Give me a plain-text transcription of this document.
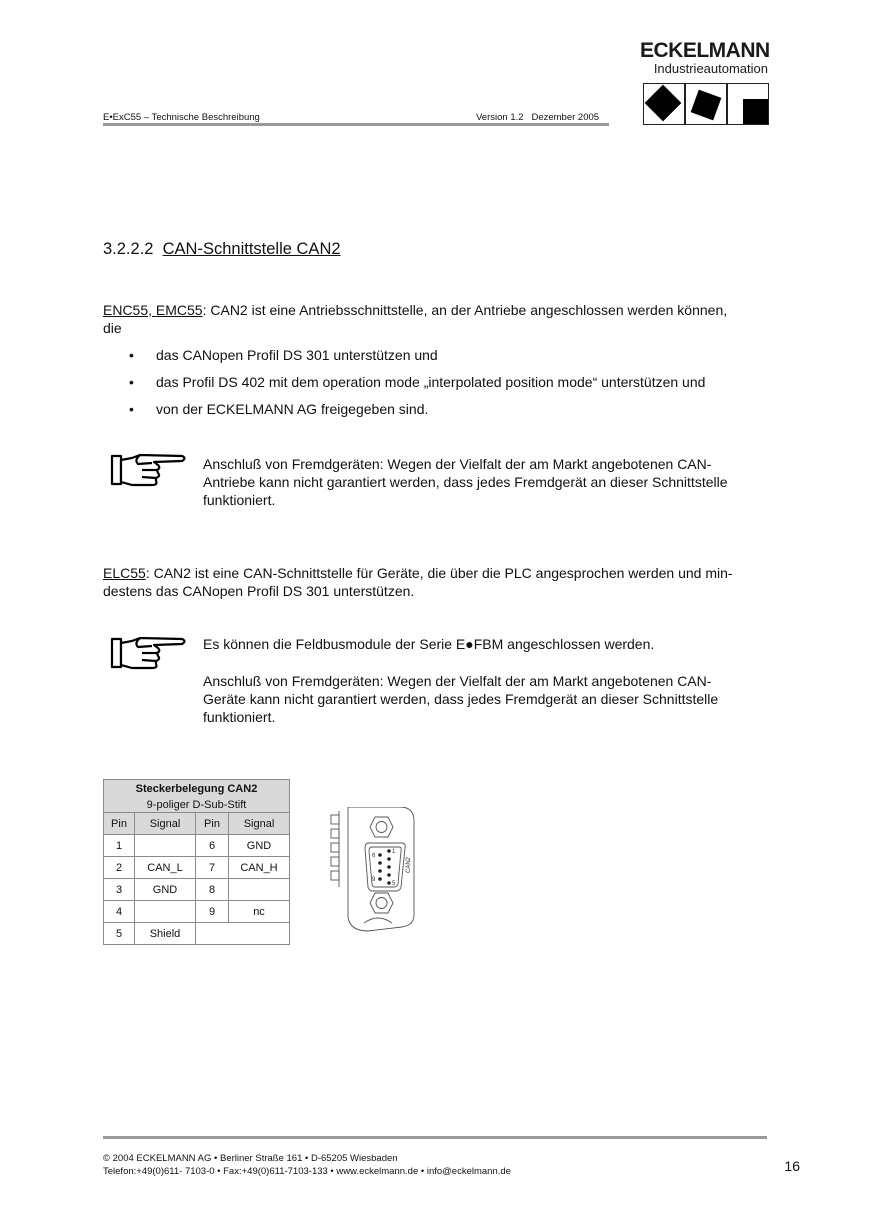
E•ExC55 – Technische Beschreibung	Version 1.2 Dezember 2005
ECKELMANN
Industrieautomation
3.2.2.2 CAN-Schnittstelle CAN2
ENC55, EMC55: CAN2 ist eine Antriebsschnittstelle, an der Antriebe angeschlossen werden können,
die
• das CANopen Profil DS 301 unterstützen und
• das Profil DS 402 mit dem operation mode „interpolated position mode“ unterstützen und
• von der ECKELMANN AG freigegeben sind.
Anschluß von Fremdgeräten: Wegen der Vielfalt der am Markt angebotenen CAN-
Antriebe kann nicht garantiert werden, dass jedes Fremdgerät an dieser Schnittstelle
funktioniert.
ELC55: CAN2 ist eine CAN-Schnittstelle für Geräte, die über die PLC angesprochen werden und min-
destens das CANopen Profil DS 301 unterstützen.
Es können die Feldbusmodule der Serie E●FBM angeschlossen werden.
Anschluß von Fremdgeräten: Wegen der Vielfalt der am Markt angebotenen CAN-
Geräte kann nicht garantiert werden, dass jedes Fremdgerät an dieser Schnittstelle
funktioniert.
Steckerbelegung CAN2			
9-poliger D-Sub-Stift			
Pin	Signal	Pin	Signal
1		6	GND
2	CAN_L	7	CAN_H
3	GND	8	
4		9	nc
5	Shield		
1
6
9
5
CAN2
© 2004 ECKELMANN AG • Berliner Straße 161 • D-65205 Wiesbaden
Telefon:+49(0)611- 7103-0 • Fax:+49(0)611-7103-133 • www.eckelmann.de • info@eckelmann.de	16
